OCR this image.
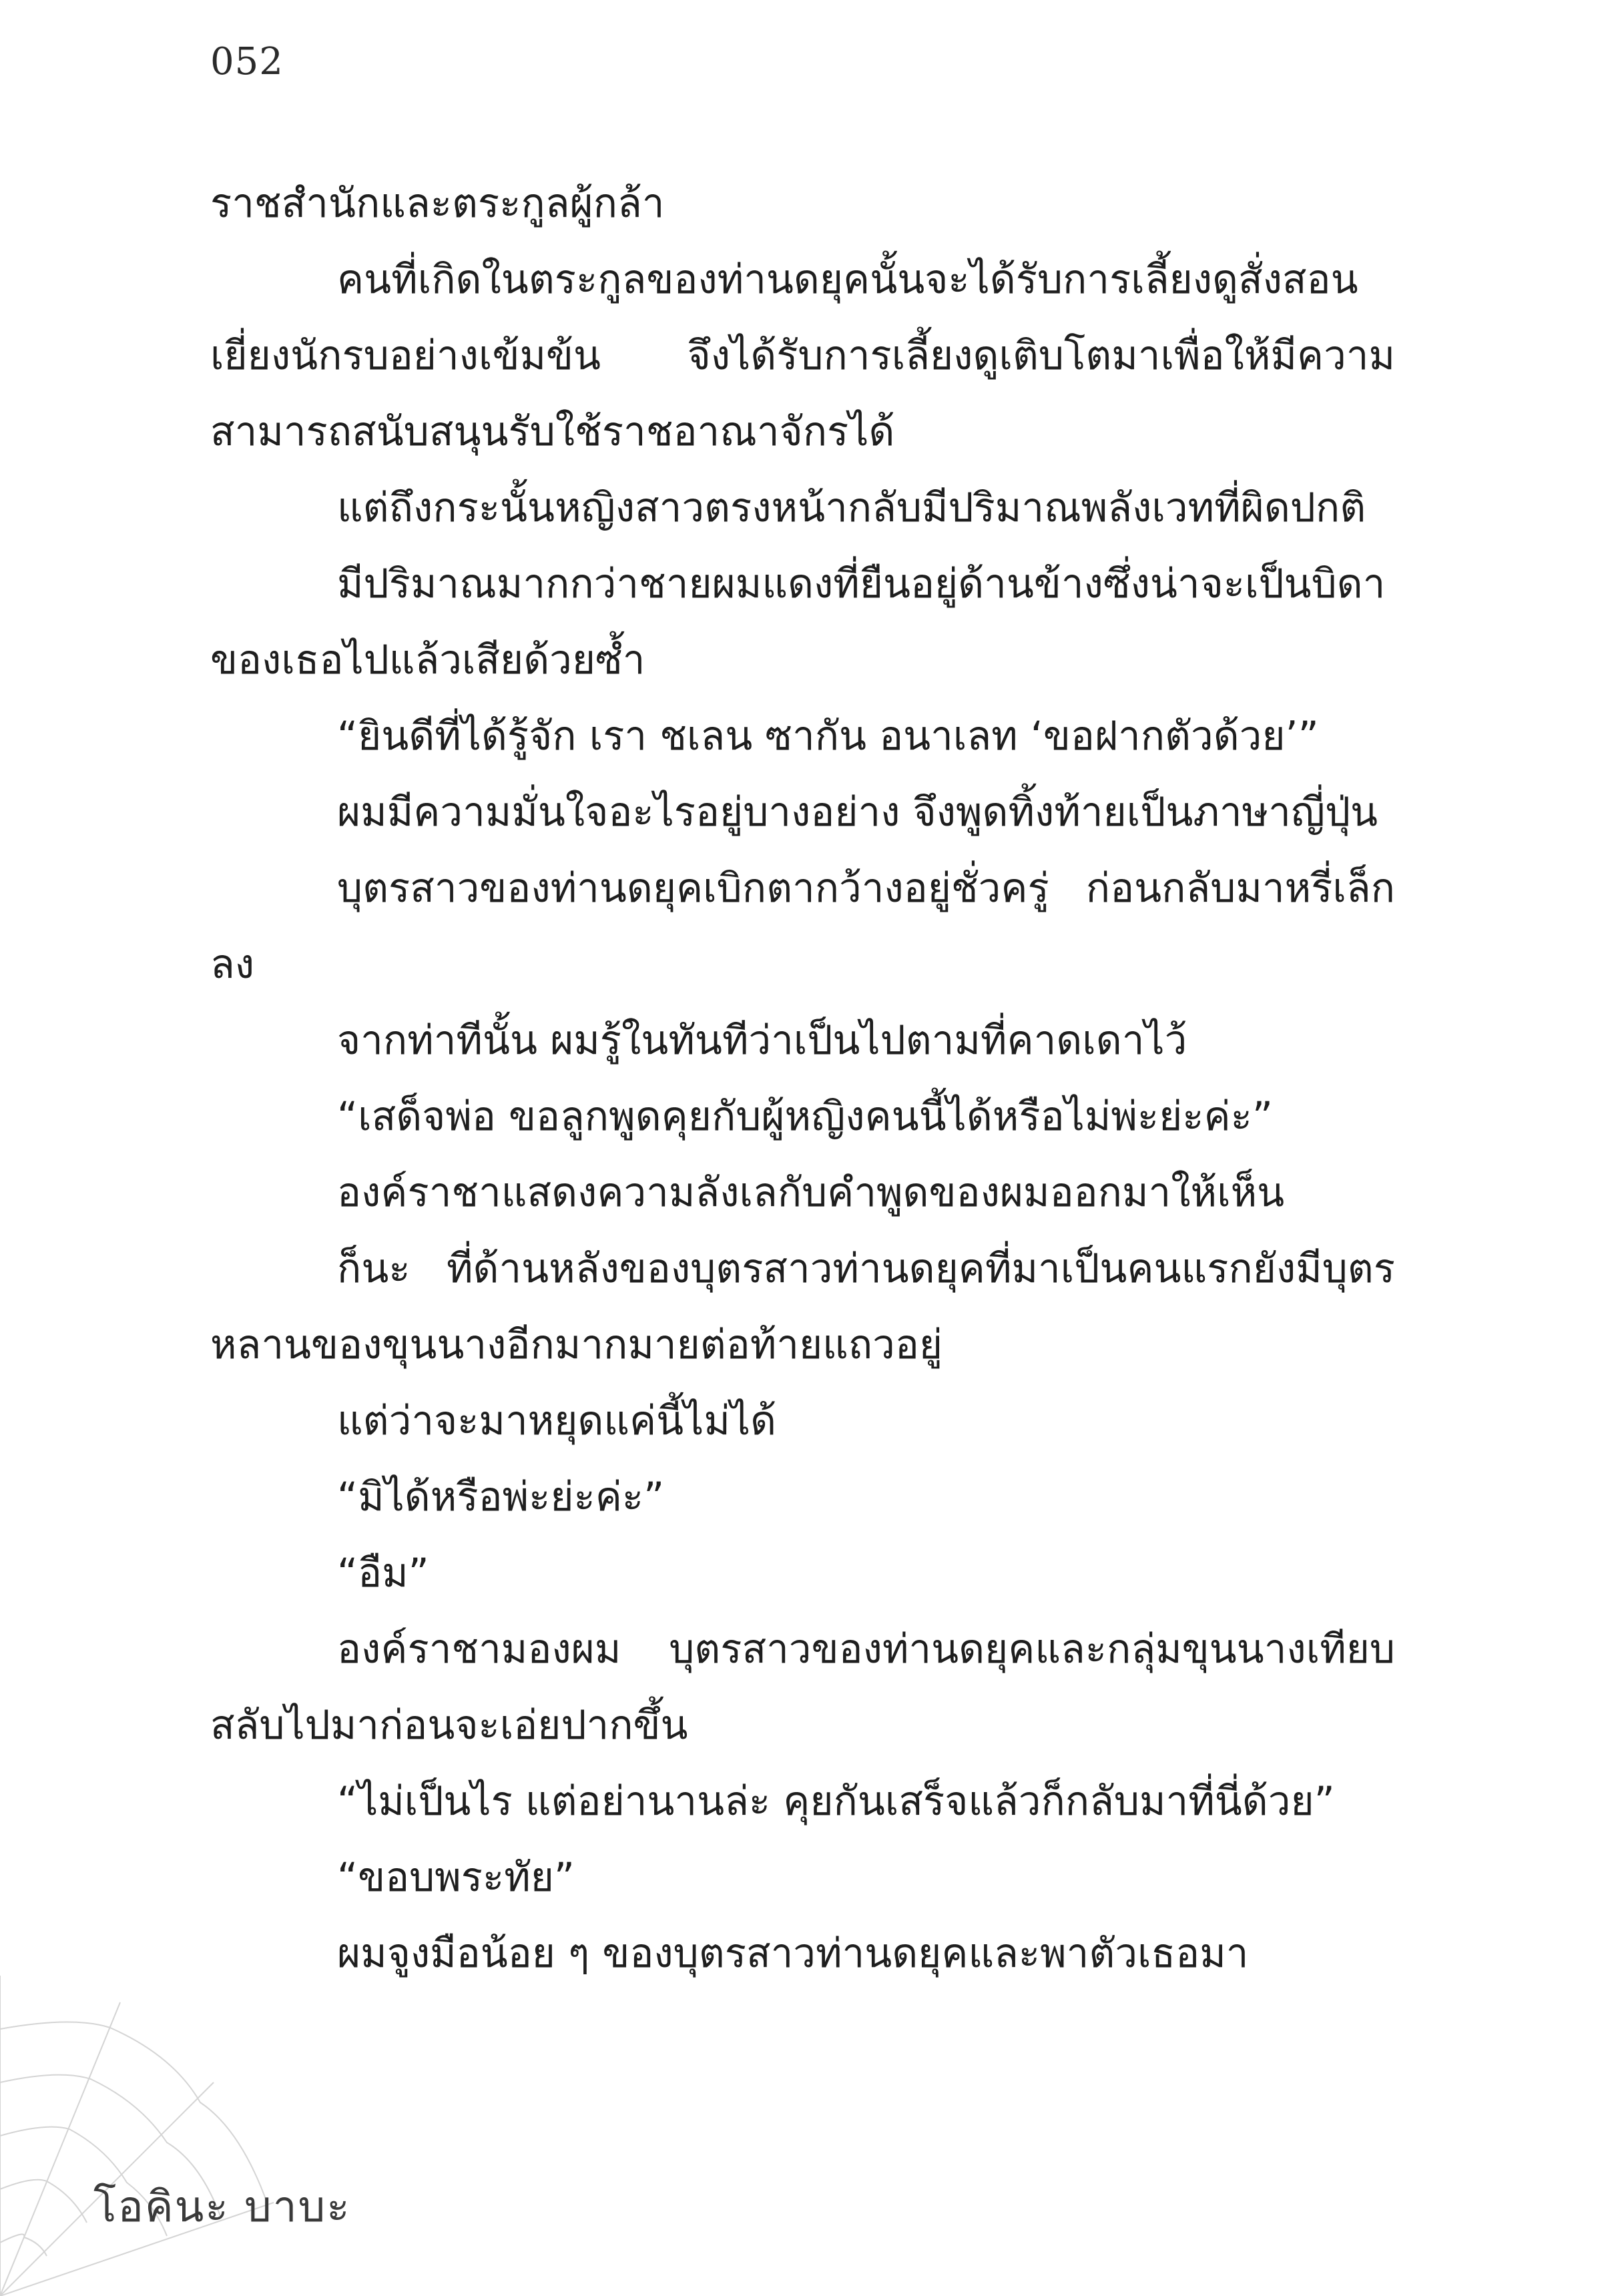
052

ราชสำนักและตระกูลผู้กล้า

คนที่เกิดในตระกูลของท่านดยุคนั้นจะได้รับการเลี้ยงดูสั่งสอนเยี่ยงนักรบอย่างเข้มข้น จึงได้รับการเลี้ยงดูเติบโตมาเพื่อให้มีความสามารถสนับสนุนรับใช้ราชอาณาจักรได้

แต่ถึงกระนั้นหญิงสาวตรงหน้ากลับมีปริมาณพลังเวทที่ผิดปกติ

มีปริมาณมากกว่าชายผมแดงที่ยืนอยู่ด้านข้างซึ่งน่าจะเป็นบิดาของเธอไปแล้วเสียด้วยซ้ำ

“ยินดีที่ได้รู้จัก เรา ชเลน ซากัน อนาเลท ‘ขอฝากตัวด้วย’”

ผมมีความมั่นใจอะไรอยู่บางอย่าง จึงพูดทิ้งท้ายเป็นภาษาญี่ปุ่น

บุตรสาวของท่านดยุคเบิกตากว้างอยู่ชั่วครู่ ก่อนกลับมาหรี่เล็กลง

จากท่าทีนั้น ผมรู้ในทันทีว่าเป็นไปตามที่คาดเดาไว้

“เสด็จพ่อ ขอลูกพูดคุยกับผู้หญิงคนนี้ได้หรือไม่พ่ะย่ะค่ะ”

องค์ราชาแสดงความลังเลกับคำพูดของผมออกมาให้เห็น

ก็นะ ที่ด้านหลังของบุตรสาวท่านดยุคที่มาเป็นคนแรกยังมีบุตรหลานของขุนนางอีกมากมายต่อท้ายแถวอยู่

แต่ว่าจะมาหยุดแค่นี้ไม่ได้

“มิได้หรือพ่ะย่ะค่ะ”

“อืม”

องค์ราชามองผม บุตรสาวของท่านดยุคและกลุ่มขุนนางเทียบสลับไปมาก่อนจะเอ่ยปากขึ้น

“ไม่เป็นไร แต่อย่านานล่ะ คุยกันเสร็จแล้วก็กลับมาที่นี่ด้วย”

“ขอบพระทัย”

ผมจูงมือน้อย ๆ ของบุตรสาวท่านดยุคและพาตัวเธอมา

โอคินะ บาบะ
